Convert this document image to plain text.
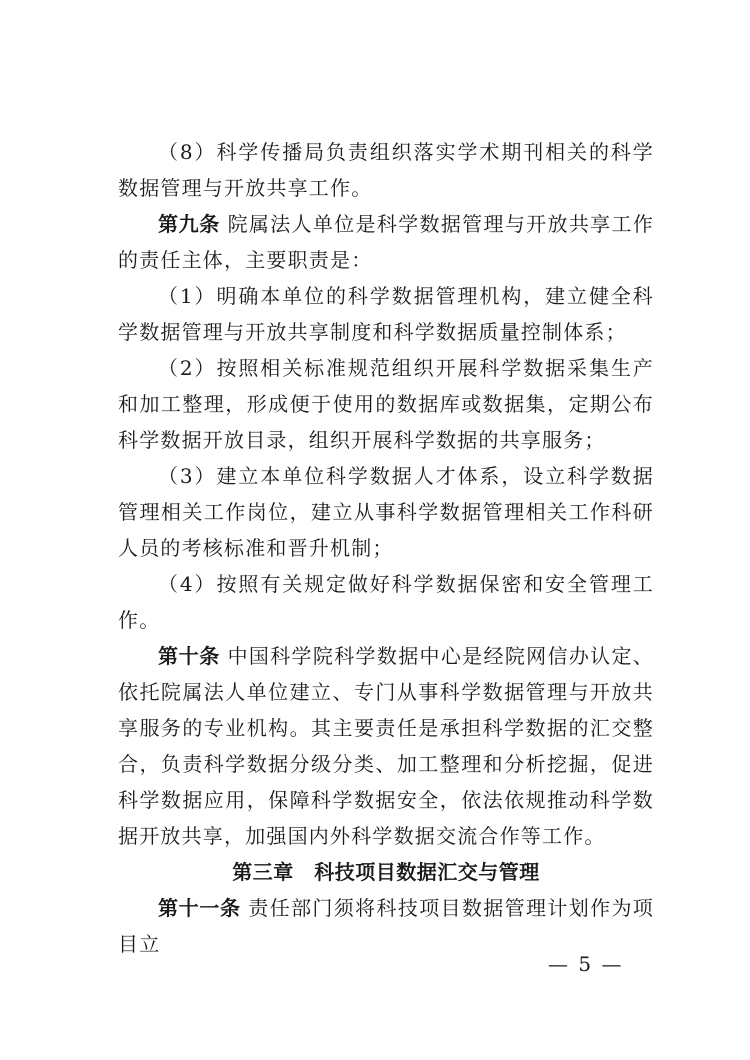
（8）科学传播局负责组织落实学术期刊相关的科学数据管理与开放共享工作。

第九条 院属法人单位是科学数据管理与开放共享工作的责任主体，主要职责是：

（1）明确本单位的科学数据管理机构，建立健全科学数据管理与开放共享制度和科学数据质量控制体系；

（2）按照相关标准规范组织开展科学数据采集生产和加工整理，形成便于使用的数据库或数据集，定期公布科学数据开放目录，组织开展科学数据的共享服务；

（3）建立本单位科学数据人才体系，设立科学数据管理相关工作岗位，建立从事科学数据管理相关工作科研人员的考核标准和晋升机制；

（4）按照有关规定做好科学数据保密和安全管理工作。

第十条 中国科学院科学数据中心是经院网信办认定、依托院属法人单位建立、专门从事科学数据管理与开放共享服务的专业机构。其主要责任是承担科学数据的汇交整合，负责科学数据分级分类、加工整理和分析挖掘，促进科学数据应用，保障科学数据安全，依法依规推动科学数据开放共享，加强国内外科学数据交流合作等工作。

第三章　科技项目数据汇交与管理

第十一条 责任部门须将科技项目数据管理计划作为项目立

— 5 —
